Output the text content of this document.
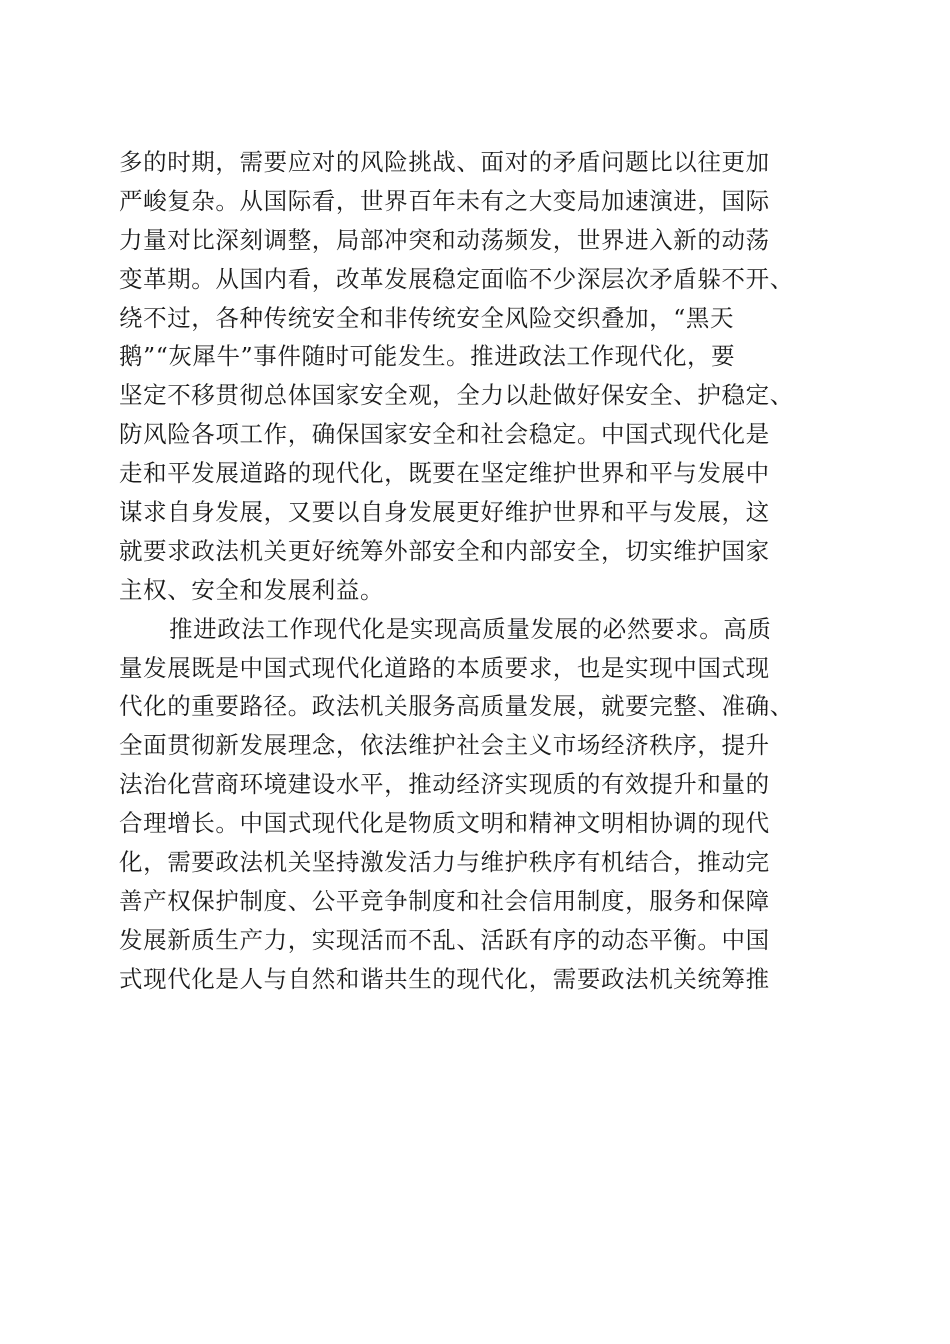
多的时期，需要应对的风险挑战、面对的矛盾问题比以往更加
严峻复杂。从国际看，世界百年未有之大变局加速演进，国际
力量对比深刻调整，局部冲突和动荡频发，世界进入新的动荡
变革期。从国内看，改革发展稳定面临不少深层次矛盾躲不开、
绕不过，各种传统安全和非传统安全风险交织叠加，“黑天
鹅”“灰犀牛”事件随时可能发生。推进政法工作现代化，要
坚定不移贯彻总体国家安全观，全力以赴做好保安全、护稳定、
防风险各项工作，确保国家安全和社会稳定。中国式现代化是
走和平发展道路的现代化，既要在坚定维护世界和平与发展中
谋求自身发展，又要以自身发展更好维护世界和平与发展，这
就要求政法机关更好统筹外部安全和内部安全，切实维护国家
主权、安全和发展利益。
推进政法工作现代化是实现高质量发展的必然要求。高质
量发展既是中国式现代化道路的本质要求，也是实现中国式现
代化的重要路径。政法机关服务高质量发展，就要完整、准确、
全面贯彻新发展理念，依法维护社会主义市场经济秩序，提升
法治化营商环境建设水平，推动经济实现质的有效提升和量的
合理增长。中国式现代化是物质文明和精神文明相协调的现代
化，需要政法机关坚持激发活力与维护秩序有机结合，推动完
善产权保护制度、公平竞争制度和社会信用制度，服务和保障
发展新质生产力，实现活而不乱、活跃有序的动态平衡。中国
式现代化是人与自然和谐共生的现代化，需要政法机关统筹推
